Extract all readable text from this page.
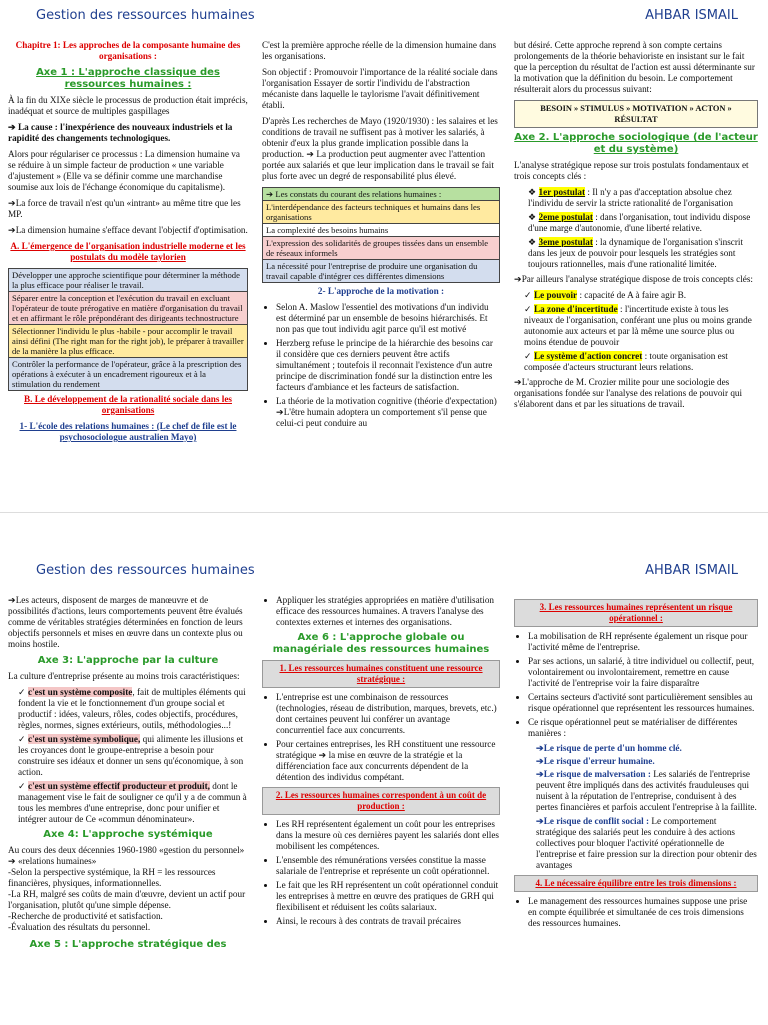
Gestion des ressources humaines	AHBAR ISMAIL

Chapitre 1: Les approches de la composante humaine des organisations :

Axe 1 : L'approche classique des ressources humaines :

À la fin du XIXe siècle le processus de production était imprécis, inadéquat et source de multiples gaspillages

➔ La cause : l'inexpérience des nouveaux industriels et la rapidité des changements technologiques.

Alors pour régulariser ce processus : La dimension humaine va se réduire à un simple facteur de production « une variable d'ajustement » (Elle va se définir comme une marchandise soumise aux lois de l'échange économique du capitalisme).

➔La force de travail n'est qu'un «intrant» au même titre que les MP.

➔La dimension humaine s'efface devant l'objectif d'optimisation.

A. L'émergence de l'organisation industrielle moderne et les postulats du modèle taylorien

Développer une approche scientifique pour déterminer la méthode la plus efficace pour réaliser le travail.
Séparer entre la conception et l'exécution du travail en excluant l'opérateur de toute prérogative en matière d'organisation du travail et en affirmant le rôle prépondérant des dirigeants technostructure
Sélectionner l'individu le plus -habile - pour accomplir le travail ainsi défini (The right man for the right job), le préparer à travailler de la manière la plus efficace.
Contrôler la performance de l'opérateur, grâce à la prescription des opérations à exécuter à un encadrement rigoureux et à la stimulation du rendement

B. Le développement de la rationalité sociale dans les organisations

1- L'école des relations humaines : (Le chef de file est le psychosociologue australien Mayo)

C'est la première approche réelle de la dimension humaine dans les organisations.

Son objectif : Promouvoir l'importance de la réalité sociale dans l'organisation Essayer de sortir l'individu de l'abstraction mécaniste dans laquelle le taylorisme l'avait définitivement établi.

D'après Les recherches de Mayo (1920/1930) : les salaires et les conditions de travail ne suffisent pas à motiver les salariés, à obtenir d'eux la plus grande implication possible dans la production. ➔ La production peut augmenter avec l'attention portée aux salariés et que leur implication dans le travail se fait plus forte avec un degré de responsabilité plus élevé.

➔ Les constats du courant des relations humaines :
L'interdépendance des facteurs techniques et humains dans les organisations
La complexité des besoins humains
L'expression des solidarités de groupes tissées dans un ensemble de réseaux informels
La nécessité pour l'entreprise de produire une organisation du travail capable d'intégrer ces différentes dimensions

2- L'approche de la motivation :

• Selon A. Maslow l'essentiel des motivations d'un individu est déterminé par un ensemble de besoins hiérarchisés. Et non pas que tout individu agit parce qu'il est motivé
• Herzberg refuse le principe de la hiérarchie des besoins car il considère que ces derniers peuvent être actifs simultanément ; toutefois il reconnait l'existence d'un autre principe de discrimination fondé sur la distinction entre les facteurs d'ambiance et les facteurs de satisfaction.
• La théorie de la motivation cognitive (théorie d'expectation) ➔L'être humain adoptera un comportement s'il pense que celui-ci peut conduire au

but désiré. Cette approche reprend à son compte certains prolongements de la théorie behavioriste en insistant sur le fait que la perception du résultat de l'action est aussi déterminante sur la motivation que la définition du besoin. Le comportement résulterait alors du processus suivant:

BESOIN » STIMULUS » MOTIVATION » ACTON » RÉSULTAT
Axe 2. L'approche sociologique (de l'acteur et du système)

L'analyse stratégique repose sur trois postulats fondamentaux et trois concepts clés :

❖ 1er postulat : Il n'y a pas d'acceptation absolue chez l'individu de servir la stricte rationalité de l'organisation
❖ 2eme postulat : dans l'organisation, tout individu dispose d'une marge d'autonomie, d'une liberté relative.
❖ 3eme postulat : la dynamique de l'organisation s'inscrit dans les jeux de pouvoir pour lesquels les stratégies sont toujours rationnelles, mais d'une rationalité limitée.

➔Par ailleurs l'analyse stratégique dispose de trois concepts clés:

✓ Le pouvoir : capacité de A à faire agir B.
✓ La zone d'incertitude : l'incertitude existe à tous les niveaux de l'organisation, conférant une plus ou moins grande autonomie aux acteurs et par là même une source plus ou moins étendue de pouvoir
✓ Le système d'action concret : toute organisation est composée d'acteurs structurant leurs relations.

➔L'approche de M. Crozier milite pour une sociologie des organisations fondée sur l'analyse des relations de pouvoir qui s'élaborent dans et par les situations de travail.

Gestion des ressources humaines	AHBAR ISMAIL

➔Les acteurs, disposent de marges de manœuvre et de possibilités d'actions, leurs comportements peuvent être évalués comme de véritables stratégies déterminées en fonction de leurs objectifs personnels et mises en œuvre dans un contexte plus ou moins hostile.

Axe 3: L'approche par la culture

La culture d'entreprise présente au moins trois caractéristiques:

✓ c'est un système composite, fait de multiples éléments qui fondent la vie et le fonctionnement d'un groupe social et productif : idées, valeurs, rôles, codes objectifs, procédures, règles, normes, signes extérieurs, outils, méthodologies...!
✓ c'est un système symbolique, qui alimente les illusions et les croyances dont le groupe-entreprise a besoin pour construire ses idéaux et donner un sens qu'économique, à son action.
✓ c'est un système effectif producteur et produit, dont le management vise le fait de souligner ce qu'il y a de commun à tous les membres d'une entreprise, donc pour unifier et intégrer autour de Ce «commun dénominateur».
Axe 4: L'approche systémique

Au cours des deux décennies 1960-1980 «gestion du personnel» ➔ «relations humaines»

-Selon la perspective systémique, la RH = les ressources financières, physiques, informationnelles.

-La RH, malgré ses coûts de main d'œuvre, devient un actif pour l'organisation, plutôt qu'une simple dépense.

-Recherche de productivité et satisfaction.

-Évaluation des résultats du personnel.

Axe 5 : L'approche stratégique des
• Appliquer les stratégies appropriées en matière d'utilisation efficace des ressources humaines. A travers l'analyse des contextes externes et internes des organisations.
Axe 6 : L'approche globale ou managériale des ressources humaines
1. Les ressources humaines constituent une ressource stratégique :
• L'entreprise est une combinaison de ressources (technologies, réseau de distribution, marques, brevets, etc.) dont certaines peuvent lui conférer un avantage concurrentiel face aux concurrents.
• Pour certaines entreprises, les RH constituent une ressource stratégique ➔ la mise en œuvre de la stratégie et la différenciation face aux concurrents dépendent de la détention des individus compétant.
2. Les ressources humaines correspondent à un coût de production :
• Les RH représentent également un coût pour les entreprises dans la mesure où ces dernières payent les salariés dont elles mobilisent les compétences.
• L'ensemble des rémunérations versées constitue la masse salariale de l'entreprise et représente un coût opérationnel.
• Le fait que les RH représentent un coût opérationnel conduit les entreprises à mettre en œuvre des pratiques de GRH qui flexibilisent et réduisent les coûts salariaux.
• Ainsi, le recours à des contrats de travail précaires
3. Les ressources humaines représentent un risque opérationnel :
• La mobilisation de RH représente également un risque pour l'activité même de l'entreprise.
• Par ses actions, un salarié, à titre individuel ou collectif, peut, volontairement ou involontairement, remettre en cause l'activité de l'entreprise voir la faire disparaître
• Certains secteurs d'activité sont particulièrement sensibles au risque opérationnel que représentent les ressources humaines.
• Ce risque opérationnel peut se matérialiser de différentes manières :

➔Le risque de perte d'un homme clé.

➔Le risque d'erreur humaine.

➔Le risque de malversation : Les salariés de l'entreprise peuvent être impliqués dans des activités frauduleuses qui nuisent à la réputation de l'entreprise, conduisent à des pertes financières et parfois acculent l'entreprise à la faillite.

➔Le risque de conflit social : Le comportement stratégique des salariés peut les conduire à des actions collectives pour bloquer l'activité opérationnelle de l'entreprise et faire pression sur la direction pour obtenir des avantages

4. Le nécessaire équilibre entre les trois dimensions :
• Le management des ressources humaines suppose une prise en compte équilibrée et simultanée de ces trois dimensions des ressources humaines.
